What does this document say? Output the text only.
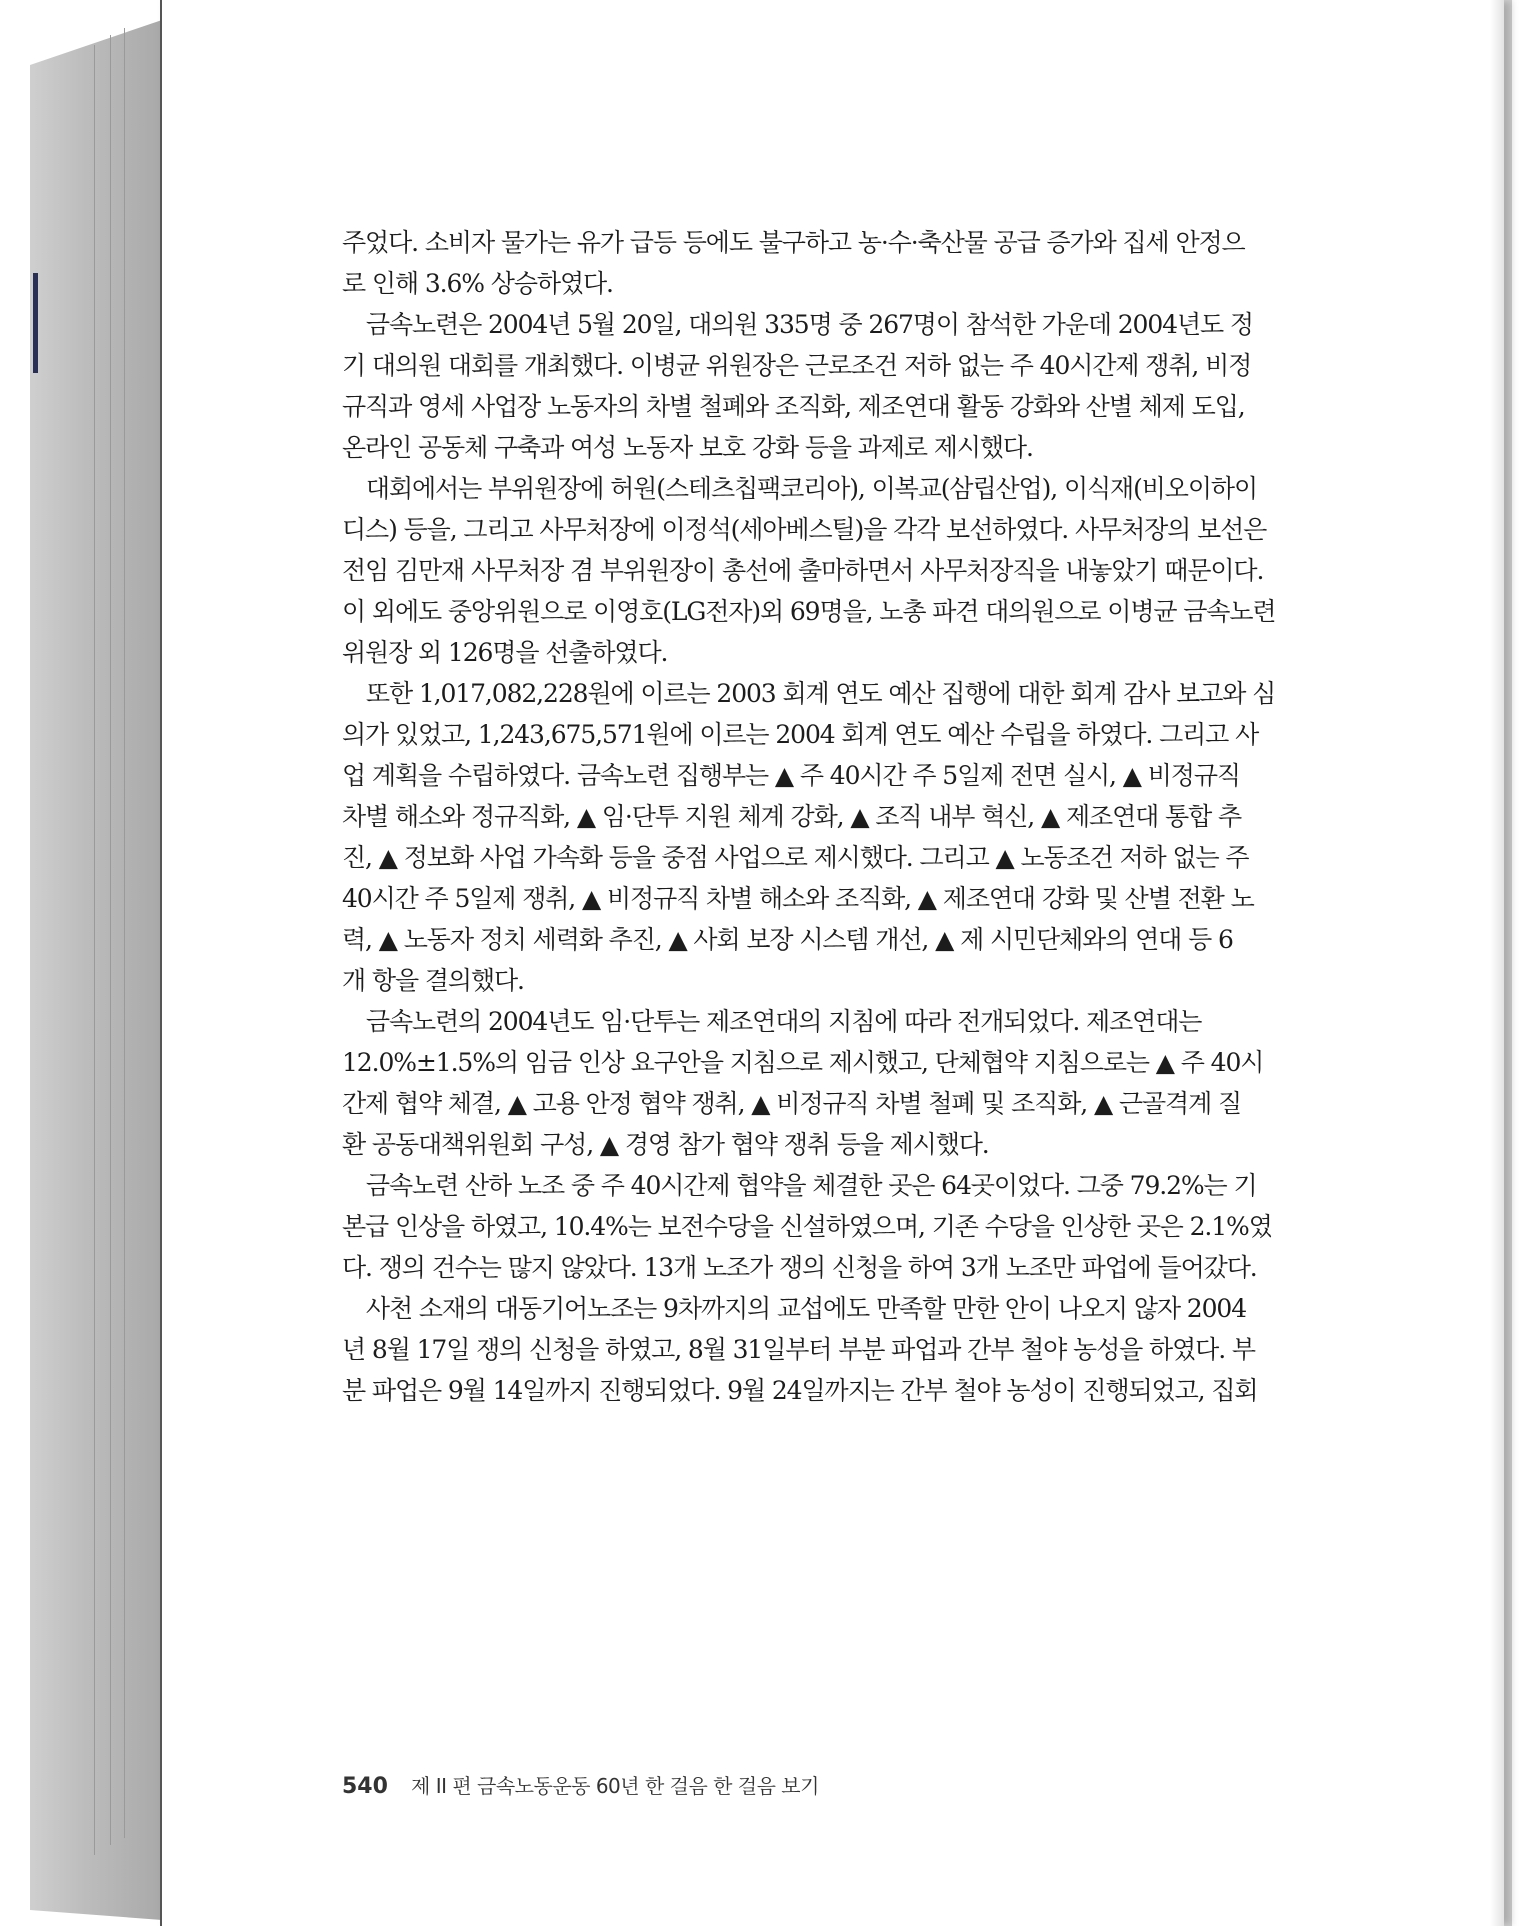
주었다. 소비자 물가는 유가 급등 등에도 불구하고 농·수·축산물 공급 증가와 집세 안정으
로 인해 3.6% 상승하였다.
　금속노련은 2004년 5월 20일, 대의원 335명 중 267명이 참석한 가운데 2004년도 정
기 대의원 대회를 개최했다. 이병균 위원장은 근로조건 저하 없는 주 40시간제 쟁취, 비정
규직과 영세 사업장 노동자의 차별 철폐와 조직화, 제조연대 활동 강화와 산별 체제 도입,
온라인 공동체 구축과 여성 노동자 보호 강화 등을 과제로 제시했다.
　대회에서는 부위원장에 허원(스테츠칩팩코리아), 이복교(삼립산업), 이식재(비오이하이
디스) 등을, 그리고 사무처장에 이정석(세아베스틸)을 각각 보선하였다. 사무처장의 보선은
전임 김만재 사무처장 겸 부위원장이 총선에 출마하면서 사무처장직을 내놓았기 때문이다.
이 외에도 중앙위원으로 이영호(LG전자)외 69명을, 노총 파견 대의원으로 이병균 금속노련
위원장 외 126명을 선출하였다.
　또한 1,017,082,228원에 이르는 2003 회계 연도 예산 집행에 대한 회계 감사 보고와 심
의가 있었고, 1,243,675,571원에 이르는 2004 회계 연도 예산 수립을 하였다. 그리고 사
업 계획을 수립하였다. 금속노련 집행부는 ▲ 주 40시간 주 5일제 전면 실시, ▲ 비정규직
차별 해소와 정규직화, ▲ 임·단투 지원 체계 강화, ▲ 조직 내부 혁신, ▲ 제조연대 통합 추
진, ▲ 정보화 사업 가속화 등을 중점 사업으로 제시했다. 그리고 ▲ 노동조건 저하 없는 주
40시간 주 5일제 쟁취, ▲ 비정규직 차별 해소와 조직화, ▲ 제조연대 강화 및 산별 전환 노
력, ▲ 노동자 정치 세력화 추진, ▲ 사회 보장 시스템 개선, ▲ 제 시민단체와의 연대 등 6
개 항을 결의했다.
　금속노련의 2004년도 임·단투는 제조연대의 지침에 따라 전개되었다. 제조연대는
12.0%±1.5%의 임금 인상 요구안을 지침으로 제시했고, 단체협약 지침으로는 ▲ 주 40시
간제 협약 체결, ▲ 고용 안정 협약 쟁취, ▲ 비정규직 차별 철폐 및 조직화, ▲ 근골격계 질
환 공동대책위원회 구성, ▲ 경영 참가 협약 쟁취 등을 제시했다.
　금속노련 산하 노조 중 주 40시간제 협약을 체결한 곳은 64곳이었다. 그중 79.2%는 기
본급 인상을 하였고, 10.4%는 보전수당을 신설하였으며, 기존 수당을 인상한 곳은 2.1%였
다. 쟁의 건수는 많지 않았다. 13개 노조가 쟁의 신청을 하여 3개 노조만 파업에 들어갔다.
　사천 소재의 대동기어노조는 9차까지의 교섭에도 만족할 만한 안이 나오지 않자 2004
년 8월 17일 쟁의 신청을 하였고, 8월 31일부터 부분 파업과 간부 철야 농성을 하였다. 부
분 파업은 9월 14일까지 진행되었다. 9월 24일까지는 간부 철야 농성이 진행되었고, 집회
540 제 II 편 금속노동운동 60년 한 걸음 한 걸음 보기
